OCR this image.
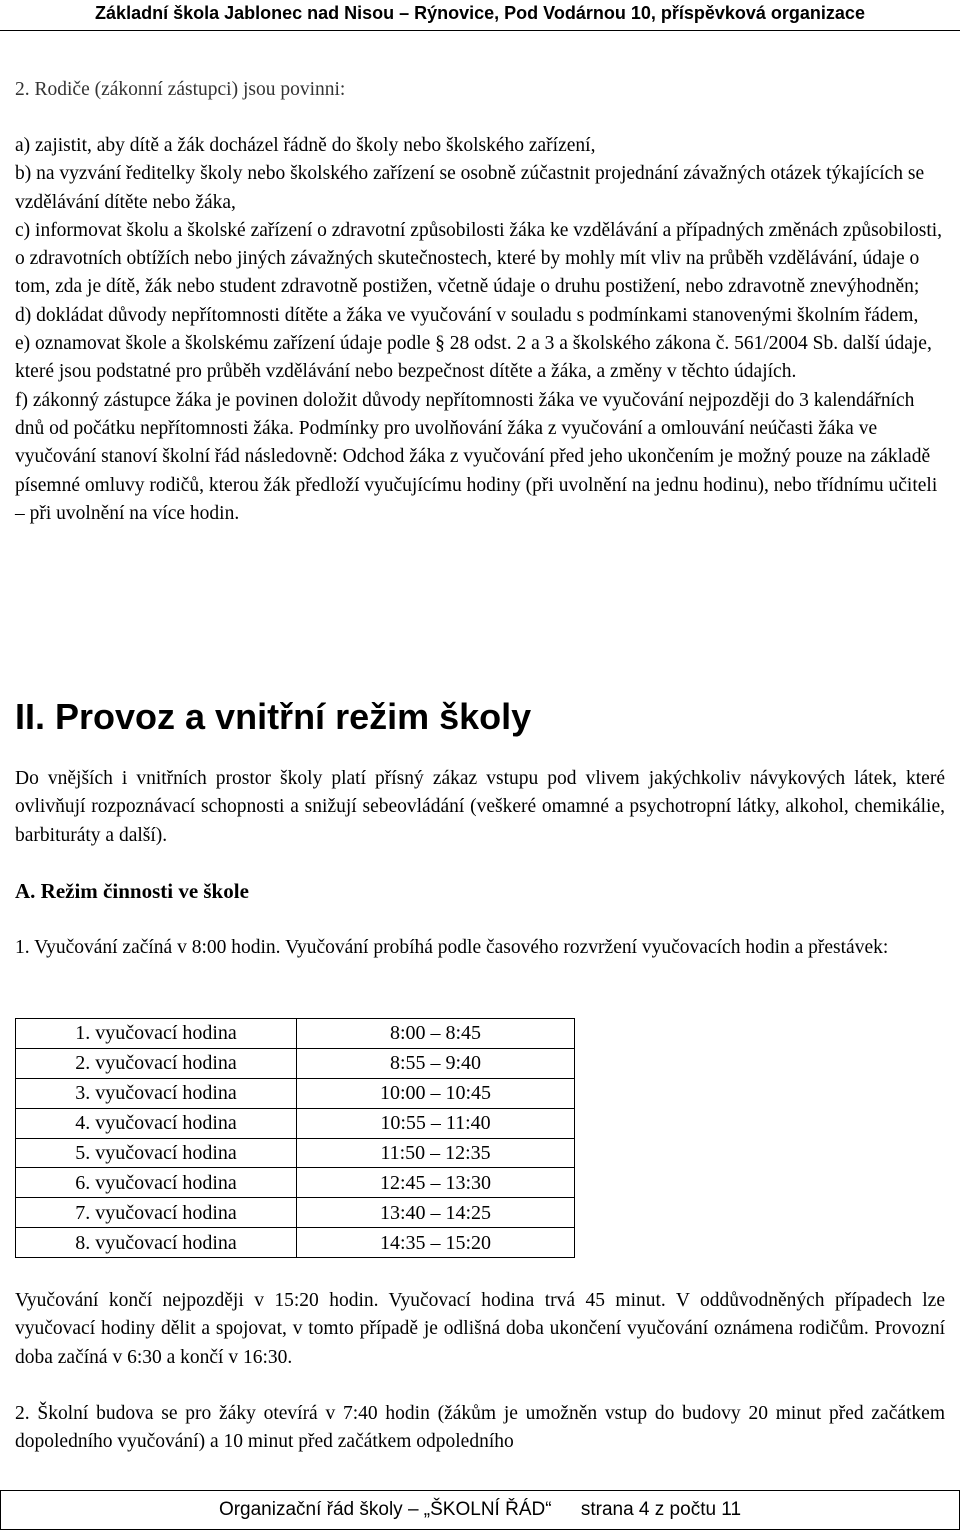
Základní škola Jablonec nad Nisou – Rýnovice, Pod Vodárnou 10, příspěvková organizace
2. Rodiče (zákonní zástupci) jsou povinni:
a) zajistit, aby dítě a žák docházel řádně do školy nebo školského zařízení,
b) na vyzvání ředitelky školy nebo školského zařízení se osobně zúčastnit projednání závažných otázek týkajících se vzdělávání dítěte nebo žáka,
c) informovat školu a školské zařízení o zdravotní způsobilosti žáka ke vzdělávání a případných změnách způsobilosti, o zdravotních obtížích nebo jiných závažných skutečnostech, které by mohly mít vliv na průběh vzdělávání, údaje o tom, zda je dítě, žák nebo student zdravotně postižen, včetně údaje o druhu postižení, nebo zdravotně znevýhodněn;
d) dokládat důvody nepřítomnosti dítěte a žáka ve vyučování v souladu s podmínkami stanovenými školním řádem,
e) oznamovat škole a školskému zařízení údaje podle § 28 odst. 2 a 3 a školského zákona č. 561/2004 Sb. další údaje, které jsou podstatné pro průběh vzdělávání nebo bezpečnost dítěte a žáka, a změny v těchto údajích.
f) zákonný zástupce žáka je povinen doložit důvody nepřítomnosti žáka ve vyučování nejpozději do 3 kalendářních dnů od počátku nepřítomnosti žáka. Podmínky pro uvolňování žáka z vyučování a omlouvání neúčasti žáka ve vyučování stanoví školní řád následovně: Odchod žáka z vyučování před jeho ukončením je možný pouze na základě písemné omluvy rodičů, kterou žák předloží vyučujícímu hodiny (při uvolnění na jednu hodinu), nebo třídnímu učiteli – při uvolnění na více hodin.
II. Provoz a vnitřní režim školy
Do vnějších i vnitřních prostor školy platí přísný zákaz vstupu pod vlivem jakýchkoliv návykových látek, které ovlivňují rozpoznávací schopnosti a snižují sebeovládání (veškeré omamné a psychotropní látky, alkohol, chemikálie, barbituráty a další).
A. Režim činnosti ve škole
1. Vyučování začíná v 8:00 hodin. Vyučování probíhá podle časového rozvržení vyučovacích hodin a přestávek:
1. vyučovací hodina	8:00 – 8:45
2. vyučovací hodina	8:55 – 9:40
3. vyučovací hodina	10:00 – 10:45
4. vyučovací hodina	10:55 – 11:40
5. vyučovací hodina	11:50 – 12:35
6. vyučovací hodina	12:45 – 13:30
7. vyučovací hodina	13:40 – 14:25
8. vyučovací hodina	14:35 – 15:20
Vyučování končí nejpozději v 15:20 hodin. Vyučovací hodina trvá 45 minut. V oddůvodněných případech lze vyučovací hodiny dělit a spojovat, v tomto případě je odlišná doba ukončení vyučování oznámena rodičům. Provozní doba začíná v 6:30 a končí v 16:30.
2. Školní budova se pro žáky otevírá v 7:40 hodin (žákům je umožněn vstup do budovy 20 minut před začátkem dopoledního vyučování) a 10 minut před začátkem odpoledního
Organizační řád školy – „ŠKOLNÍ ŘÁD“ strana 4 z počtu 11
